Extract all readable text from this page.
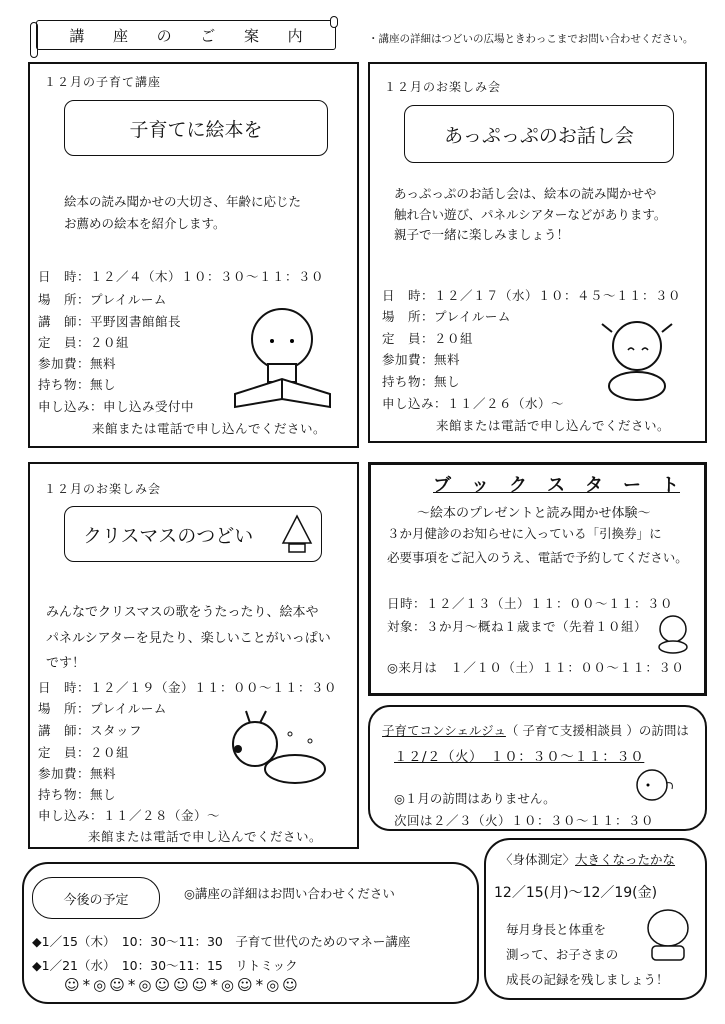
講 座 の ご 案 内	・講座の詳細はつどいの広場ときわっこまでお問い合わせください。
１２月の子育て講座
子育てに絵本を
絵本の読み聞かせの大切さ、年齢に応じた
お薦めの絵本を紹介します。
日　時：１２／４（木）１０：３０～１１：３０
場　所：プレイルーム
講　師：平野図書館館長
定　員：２０組
参加費：無料
持ち物：無し
申し込み：申し込み受付中
来館または電話で申し込んでください。
１２月のお楽しみ会
あっぷっぷのお話し会
あっぷっぷのお話し会は、絵本の読み聞かせや
触れ合い遊び、パネルシアターなどがあります。
親子で一緒に楽しみましょう！
日　時：１２／１７（水）１０：４５～１１：３０
場　所：プレイルーム
定　員：２０組
参加費：無料
持ち物：無し
申し込み：１１／２６（水）～
来館または電話で申し込んでください。
１２月のお楽しみ会
クリスマスのつどい
みんなでクリスマスの歌をうたったり、絵本や
パネルシアターを見たり、楽しいことがいっぱい
です！
日　時：１２／１９（金）１１：００～１１：３０
場　所：プレイルーム
講　師：スタッフ
定　員：２０組
参加費：無料
持ち物：無し
申し込み：１１／２８（金）～
来館または電話で申し込んでください。
ブ　ッ　ク　ス　タ　ー　ト
～絵本のプレゼントと読み聞かせ体験～
３か月健診のお知らせに入っている「引換券」に
必要事項をご記入のうえ、電話で予約してください。
日時：１２／１３（土）１１：００～１１：３０
対象：３か月～概ね１歳まで（先着１０組）
◎来月は　１／１０（土）１１：００～１１：３０
子育てコンシェルジュ（ 子育て支援相談員 ）の訪問は
１２/２（火）　１０：３０～１１：３０
◎１月の訪問はありません。
次回は２／３（火）１０：３０～１１：３０
今後の予定	◎講座の詳細はお問い合わせください
◆1／15（木）　10：30～11：30　子育て世代のためのマネー講座
◆1／21（水）　10：30～11：15　リトミック
☺*◎☺*◎☺☺☺*◎☺*◎☺
〈身体測定〉大きくなったかな
12／15(月)～12／19(金)
毎月身長と体重を
測って、お子さまの
成長の記録を残しましょう！
